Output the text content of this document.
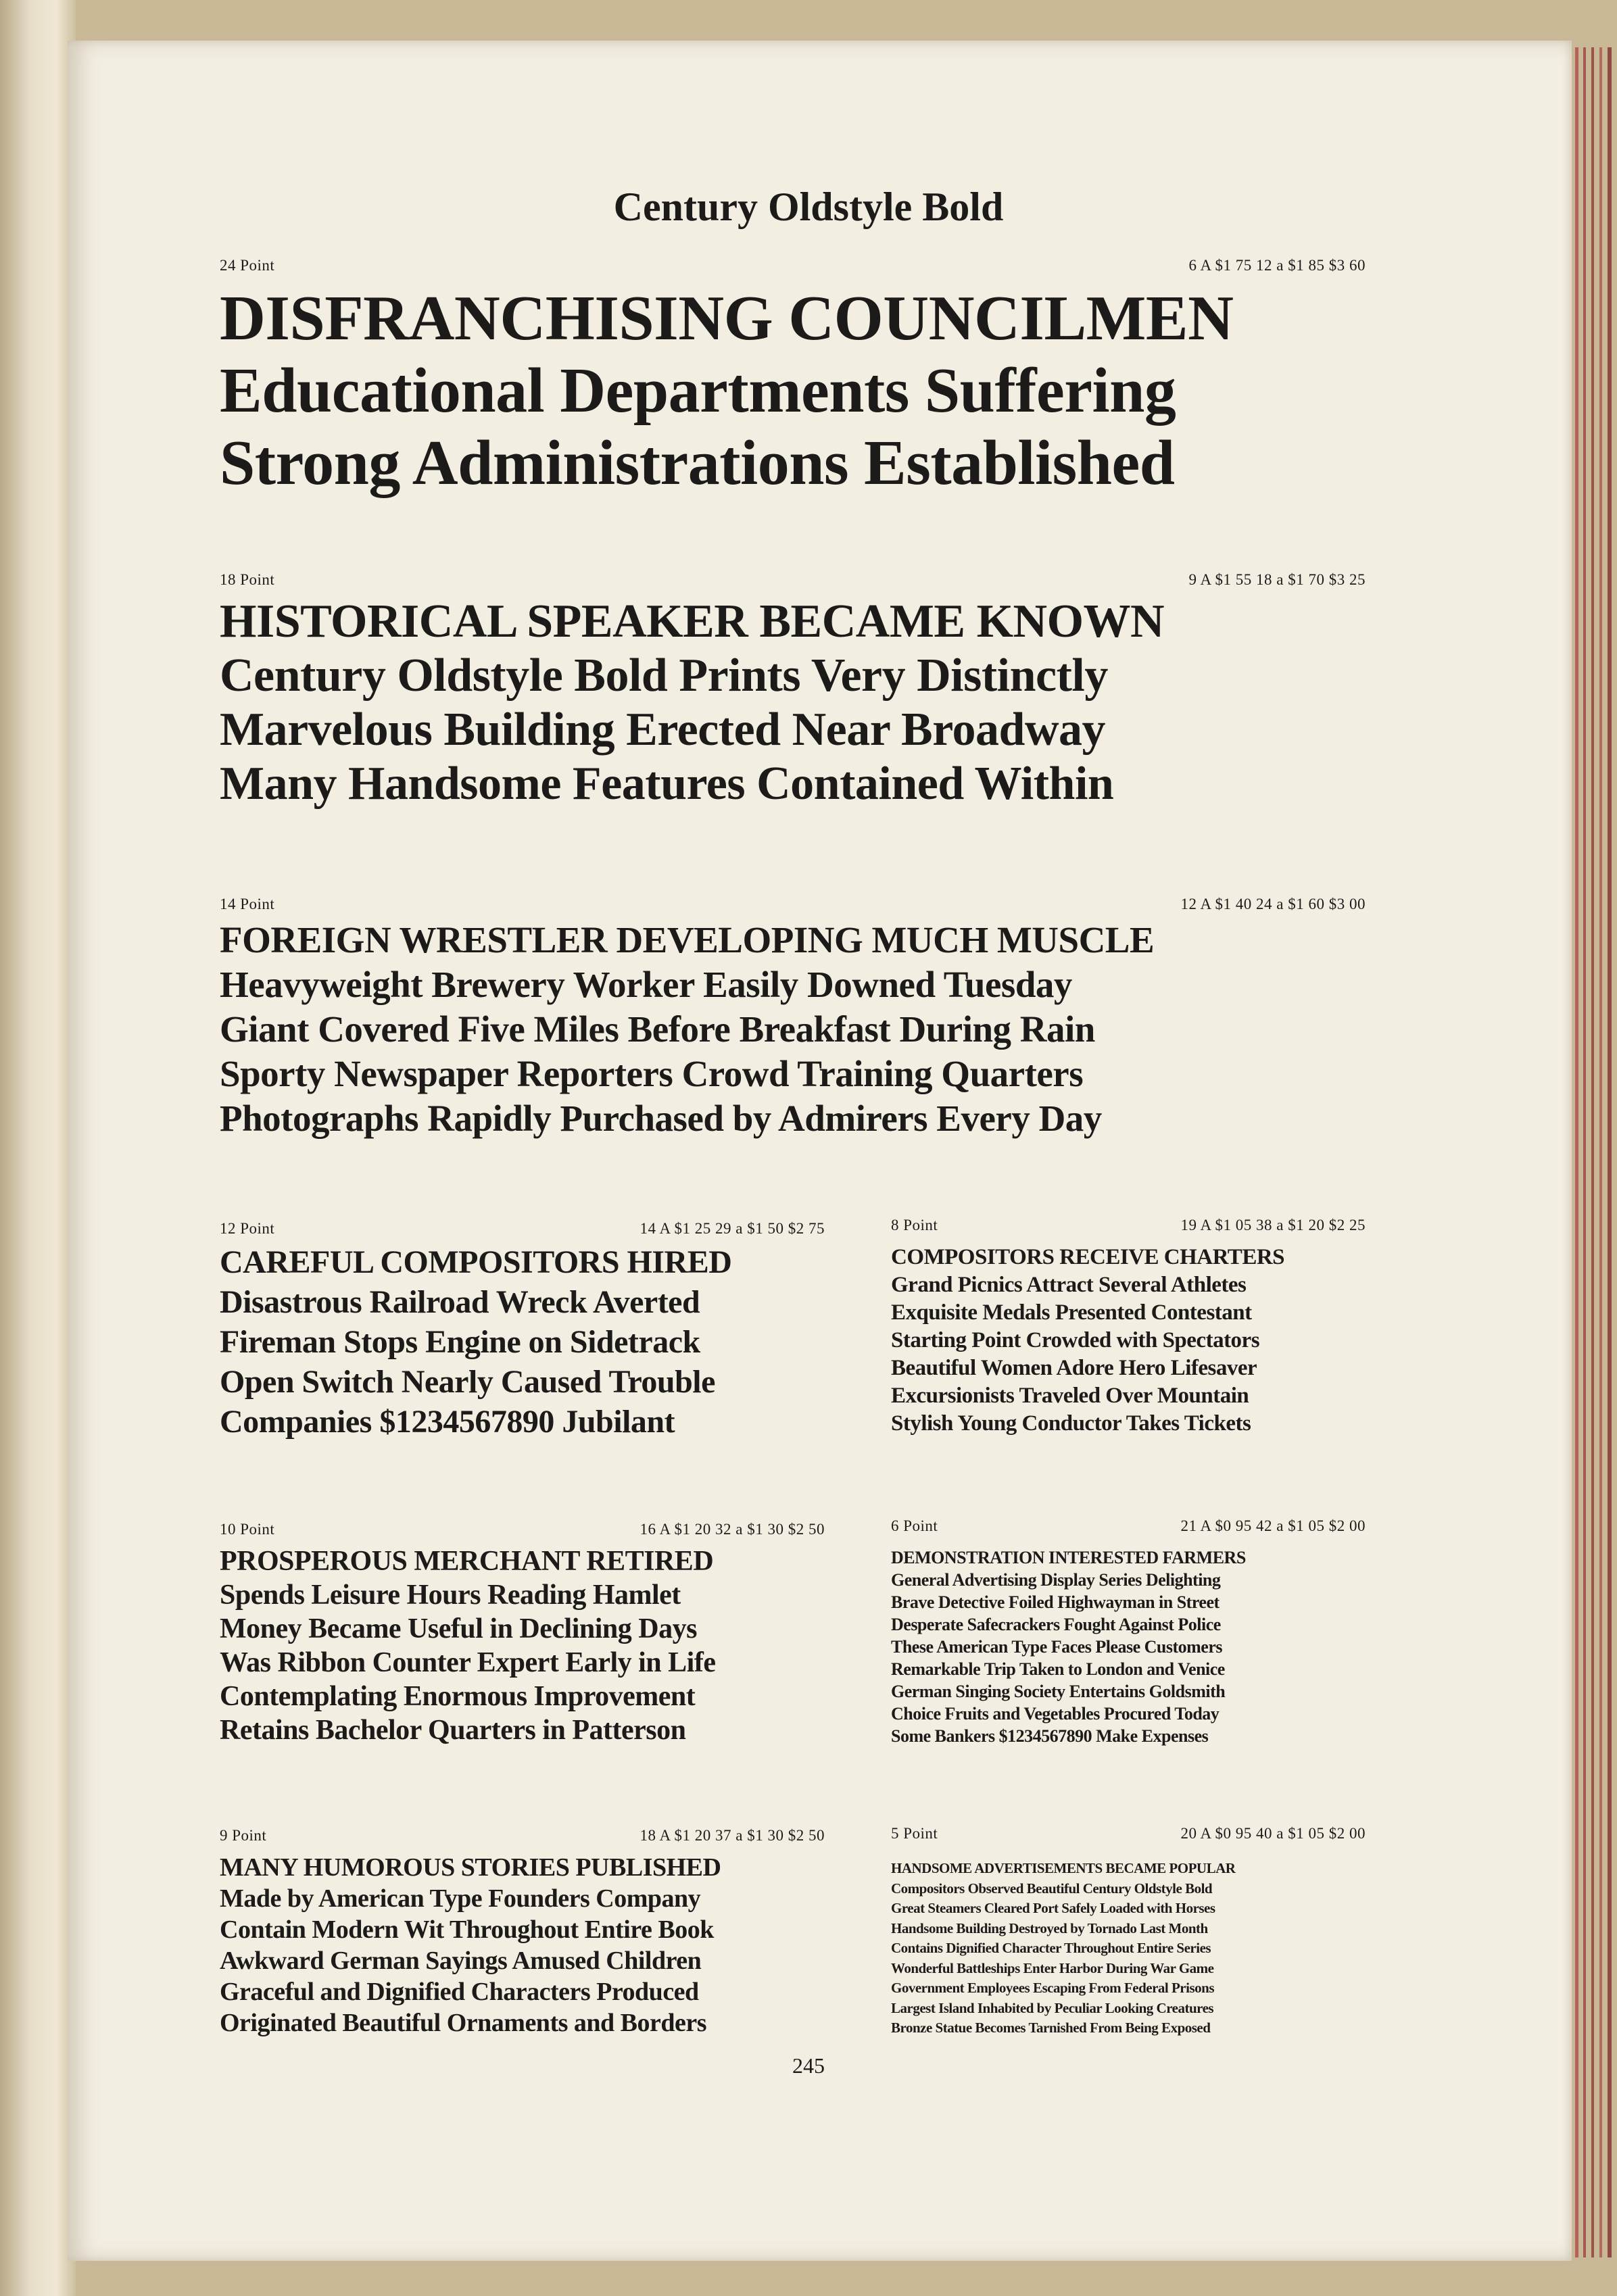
Century Oldstyle Bold
24 Point	6 A $1 75 12 a $1 85 $3 60
DISFRANCHISING COUNCILMEN
Educational Departments Suffering
Strong Administrations Established
18 Point	9 A $1 55 18 a $1 70 $3 25
HISTORICAL SPEAKER BECAME KNOWN
Century Oldstyle Bold Prints Very Distinctly
Marvelous Building Erected Near Broadway
Many Handsome Features Contained Within
14 Point	12 A $1 40 24 a $1 60 $3 00
FOREIGN WRESTLER DEVELOPING MUCH MUSCLE
Heavyweight Brewery Worker Easily Downed Tuesday
Giant Covered Five Miles Before Breakfast During Rain
Sporty Newspaper Reporters Crowd Training Quarters
Photographs Rapidly Purchased by Admirers Every Day
12 Point	14 A $1 25 29 a $1 50 $2 75
CAREFUL COMPOSITORS HIRED
Disastrous Railroad Wreck Averted
Fireman Stops Engine on Sidetrack
Open Switch Nearly Caused Trouble
Companies $1234567890 Jubilant
8 Point	19 A $1 05 38 a $1 20 $2 25
COMPOSITORS RECEIVE CHARTERS
Grand Picnics Attract Several Athletes
Exquisite Medals Presented Contestant
Starting Point Crowded with Spectators
Beautiful Women Adore Hero Lifesaver
Excursionists Traveled Over Mountain
Stylish Young Conductor Takes Tickets
10 Point	16 A $1 20 32 a $1 30 $2 50
PROSPEROUS MERCHANT RETIRED
Spends Leisure Hours Reading Hamlet
Money Became Useful in Declining Days
Was Ribbon Counter Expert Early in Life
Contemplating Enormous Improvement
Retains Bachelor Quarters in Patterson
6 Point	21 A $0 95 42 a $1 05 $2 00
DEMONSTRATION INTERESTED FARMERS
General Advertising Display Series Delighting
Brave Detective Foiled Highwayman in Street
Desperate Safecrackers Fought Against Police
These American Type Faces Please Customers
Remarkable Trip Taken to London and Venice
German Singing Society Entertains Goldsmith
Choice Fruits and Vegetables Procured Today
Some Bankers $1234567890 Make Expenses
9 Point	18 A $1 20 37 a $1 30 $2 50
MANY HUMOROUS STORIES PUBLISHED
Made by American Type Founders Company
Contain Modern Wit Throughout Entire Book
Awkward German Sayings Amused Children
Graceful and Dignified Characters Produced
Originated Beautiful Ornaments and Borders
5 Point	20 A $0 95 40 a $1 05 $2 00
HANDSOME ADVERTISEMENTS BECAME POPULAR
Compositors Observed Beautiful Century Oldstyle Bold
Great Steamers Cleared Port Safely Loaded with Horses
Handsome Building Destroyed by Tornado Last Month
Contains Dignified Character Throughout Entire Series
Wonderful Battleships Enter Harbor During War Game
Government Employees Escaping From Federal Prisons
Largest Island Inhabited by Peculiar Looking Creatures
Bronze Statue Becomes Tarnished From Being Exposed
245
